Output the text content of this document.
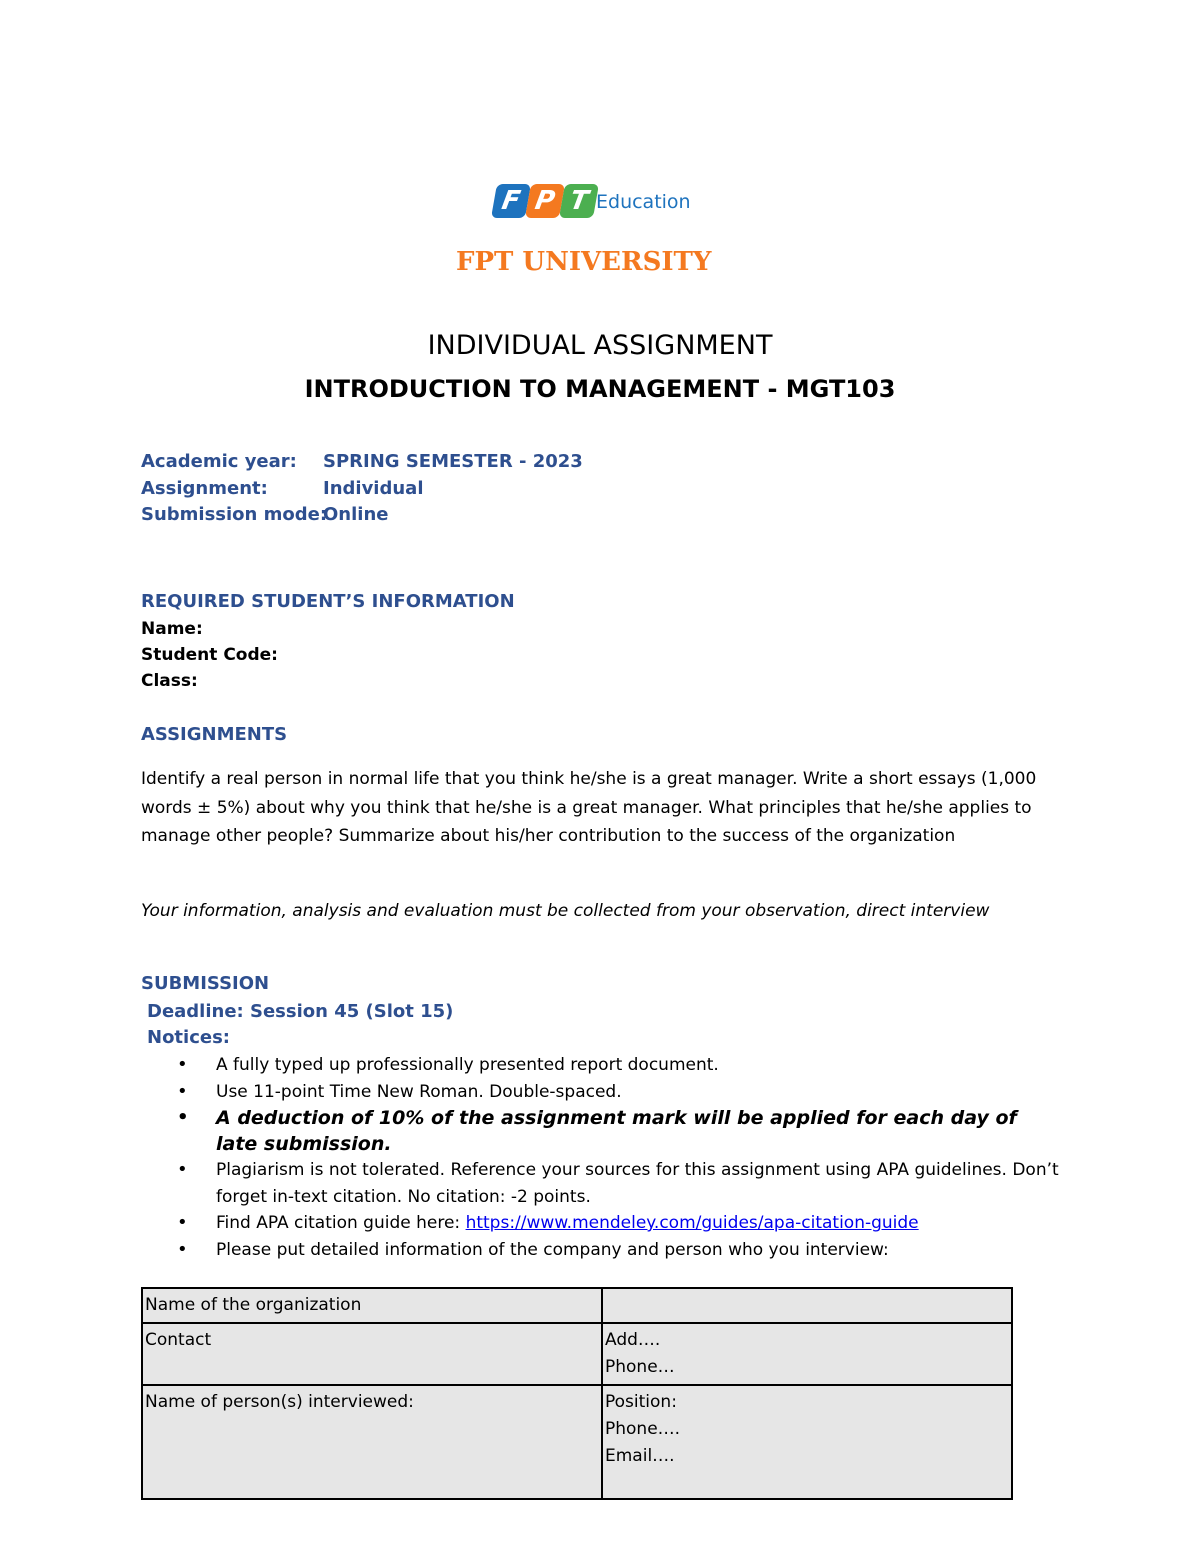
F P T Education
FPT UNIVERSITY
INDIVIDUAL ASSIGNMENT
INTRODUCTION TO MANAGEMENT - MGT103
Academic year: SPRING SEMESTER - 2023
Assignment:	Individual
Submission mode:
Online
REQUIRED STUDENT’S INFORMATION
Name:
Student Code:
Class:
ASSIGNMENTS
Identify a real person in normal life that you think he/she is a great manager. Write a short essays (1,000 words ± 5%) about why you think that he/she is a great manager. What principles that he/she applies to manage other people? Summarize about his/her contribution to the success of the organization
Your information, analysis and evaluation must be collected from your observation, direct interview
SUBMISSION
Deadline: Session 45 (Slot 15)
Notices:
• A fully typed up professionally presented report document.
• Use 11-point Time New Roman. Double-spaced.
• A deduction of 10% of the assignment mark will be applied for each day of late submission.
• Plagiarism is not tolerated. Reference your sources for this assignment using APA guidelines. Don’t forget in-text citation. No citation: -2 points.
• Find APA citation guide here: https://www.mendeley.com/guides/apa-citation-guide
• Please put detailed information of the company and person who you interview:
Name of the organization	
Contact	Add….
Phone…

Name of person(s) interviewed:	Position:
Phone….
Email….
